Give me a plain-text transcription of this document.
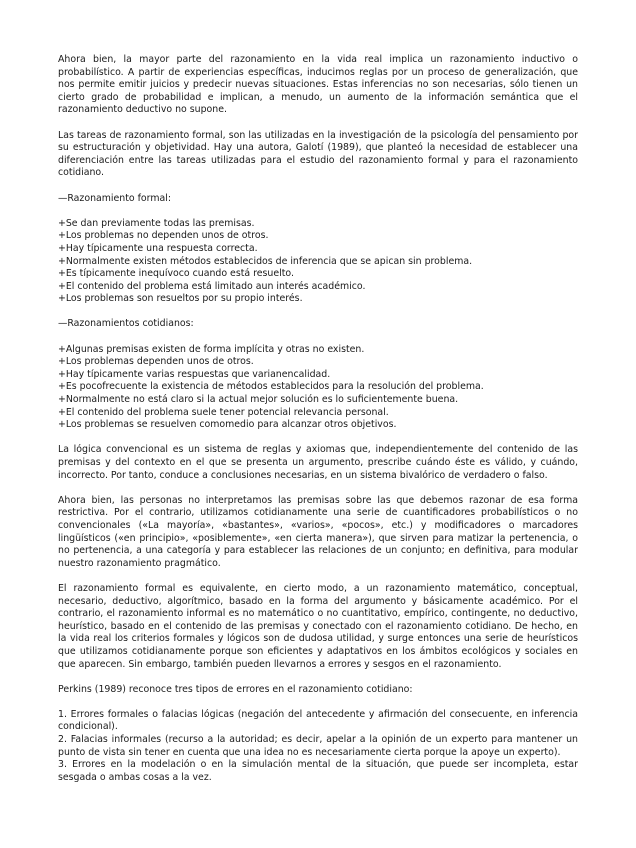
Ahora bien, la mayor parte del razonamiento en la vida real implica un razonamiento inductivo o probabilístico. A partir de experiencias específicas, inducimos reglas por un proceso de generalización, que nos permite emitir juicios y predecir nuevas situaciones. Estas inferencias no son necesarias, sólo tienen un cierto grado de probabilidad e implican, a menudo, un aumento de la información semántica que el razonamiento deductivo no supone.

Las tareas de razonamiento formal, son las utilizadas en la investigación de la psicología del pensamiento por su estructuración y objetividad. Hay una autora, Galotí (1989), que planteó la necesidad de establecer una diferenciación entre las tareas utilizadas para el estudio del razonamiento formal y para el razonamiento cotidiano.

—Razonamiento formal:

+Se dan previamente todas las premisas.
+Los problemas no dependen unos de otros.
+Hay típicamente una respuesta correcta.
+Normalmente existen métodos establecidos de inferencia que se apican sin problema.
+Es típicamente inequívoco cuando está resuelto.
+El contenido del problema está limitado aun interés académico.
+Los problemas son resueltos por su propio interés.

—Razonamientos cotidianos:

+Algunas premisas existen de forma implícita y otras no existen.
+Los problemas dependen unos de otros.
+Hay típicamente varias respuestas que varianencalidad.
+Es pocofrecuente la existencia de métodos establecidos para la resolución del problema.
+Normalmente no está claro si la actual mejor solución es lo suficientemente buena.
+El contenido del problema suele tener potencial relevancia personal.
+Los problemas se resuelven comomedio para alcanzar otros objetivos.

La lógica convencional es un sistema de reglas y axiomas que, independientemente del contenido de las premisas y del contexto en el que se presenta un argumento, prescribe cuándo éste es válido, y cuándo, incorrecto. Por tanto, conduce a conclusiones necesarias, en un sistema bivalórico de verdadero o falso.

Ahora bien, las personas no interpretamos las premisas sobre las que debemos razonar de esa forma restrictiva. Por el contrario, utilizamos cotidianamente una serie de cuantificadores probabilísticos o no convencionales («La mayoría», «bastantes», «varios», «pocos», etc.) y modificadores o marcadores lingüísticos («en principio», «posiblemente», «en cierta manera»), que sirven para matizar la pertenencia, o no pertenencia, a una categoría y para establecer las relaciones de un conjunto; en definitiva, para modular nuestro razonamiento pragmático.

El razonamiento formal es equivalente, en cierto modo, a un razonamiento matemático, conceptual, necesario, deductivo, algorítmico, basado en la forma del argumento y básicamente académico. Por el contrario, el razonamiento informal es no matemático o no cuantitativo, empírico, contingente, no deductivo, heurístico, basado en el contenido de las premisas y conectado con el razonamiento cotidiano. De hecho, en la vida real los criterios formales y lógicos son de dudosa utilidad, y surge entonces una serie de heurísticos que utilizamos cotidianamente porque son eficientes y adaptativos en los ámbitos ecológicos y sociales en que aparecen. Sin embargo, también pueden llevarnos a errores y sesgos en el razonamiento.

Perkins (1989) reconoce tres tipos de errores en el razonamiento cotidiano:

1. Errores formales o falacias lógicas (negación del antecedente y afirmación del consecuente, en inferencia condicional).

2. Falacias informales (recurso a la autoridad; es decir, apelar a la opinión de un experto para mantener un punto de vista sin tener en cuenta que una idea no es necesariamente cierta porque la apoye un experto).

3. Errores en la modelación o en la simulación mental de la situación, que puede ser incompleta, estar sesgada o ambas cosas a la vez.
